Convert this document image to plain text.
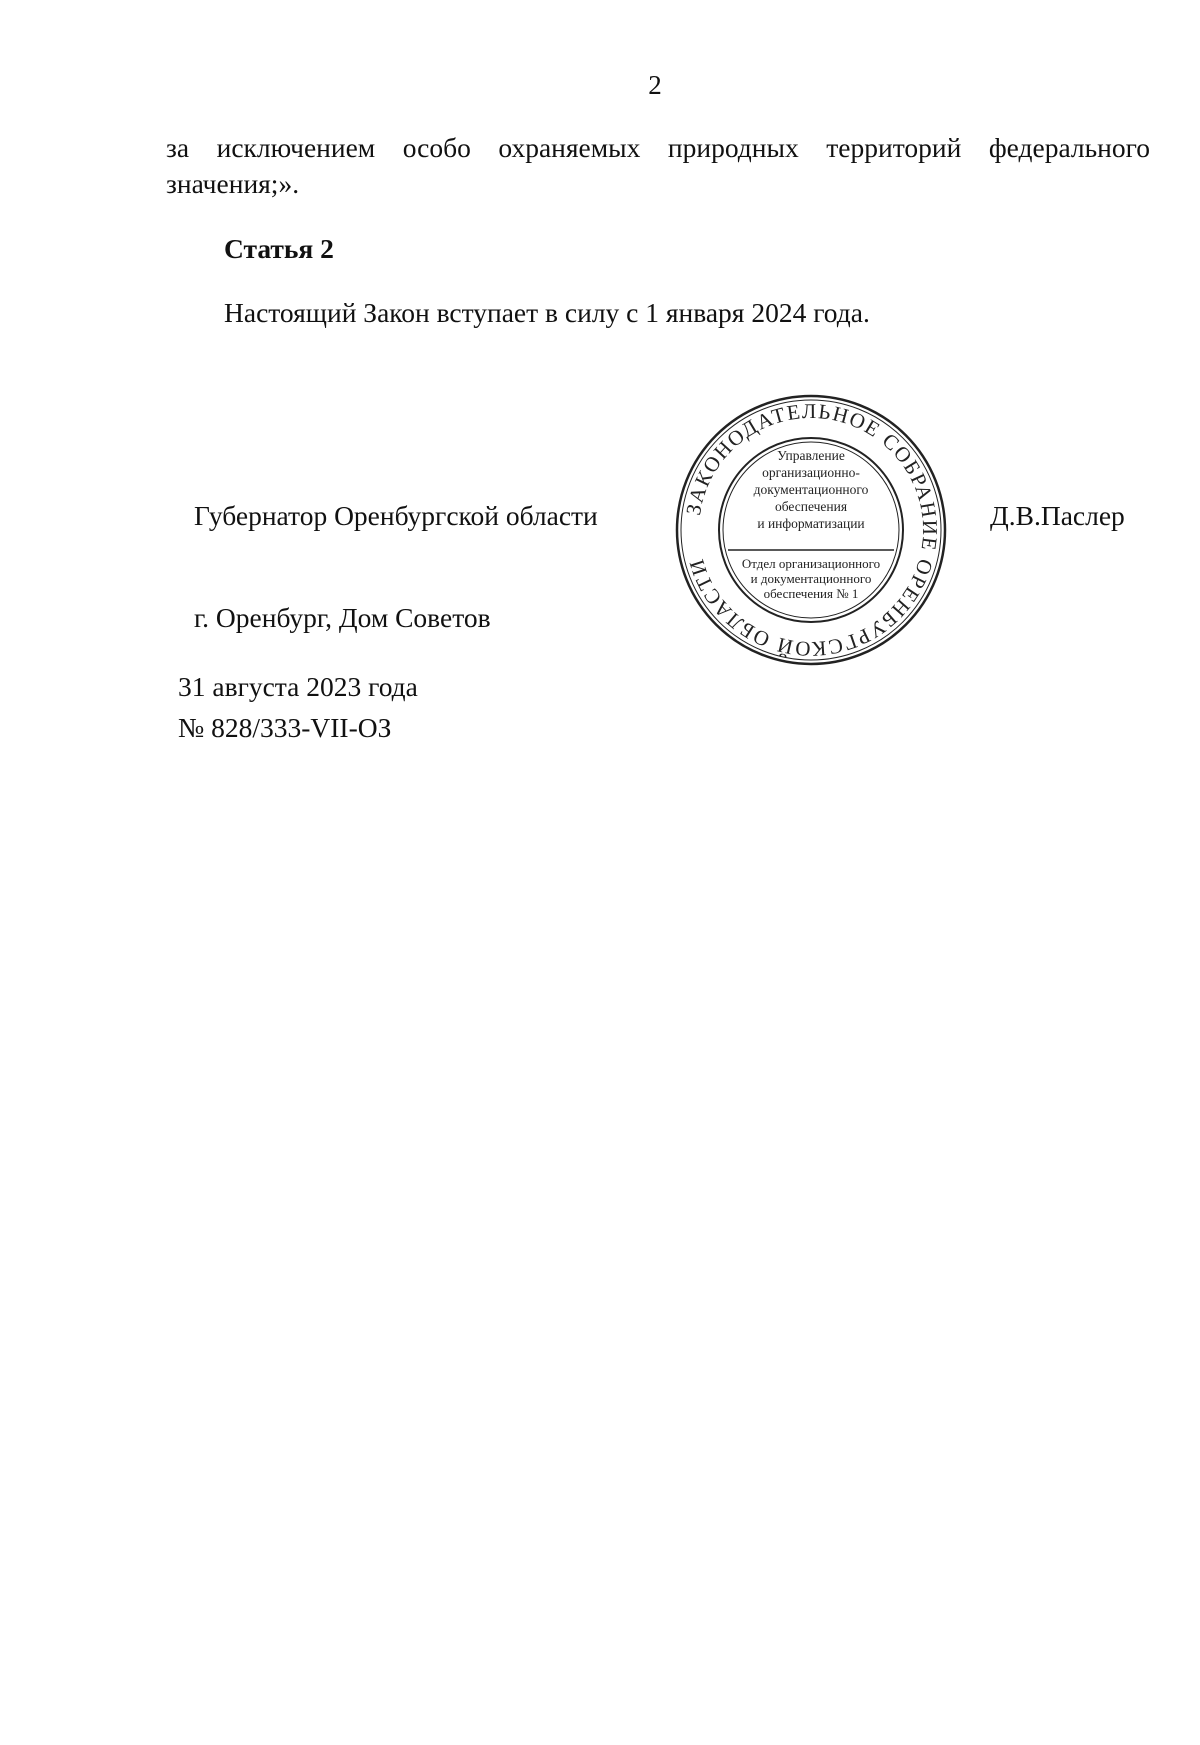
2
за исключением особо охраняемых природных территорий федерального
значения;».
Статья 2
Настоящий Закон вступает в силу с 1 января 2024 года.
Губернатор Оренбургской области	Д.В.Паслер
г. Оренбург, Дом Советов
31 августа 2023 года
№ 828/333-VII-ОЗ
ЗАКОНОДАТЕЛЬНОЕ СОБРАНИЕ ОРЕНБУРГСКОЙ ОБЛАСТИ
Управление
организационно-
документационного
обеспечения
и информатизации
Отдел организационного
и документационного
обеспечения № 1
